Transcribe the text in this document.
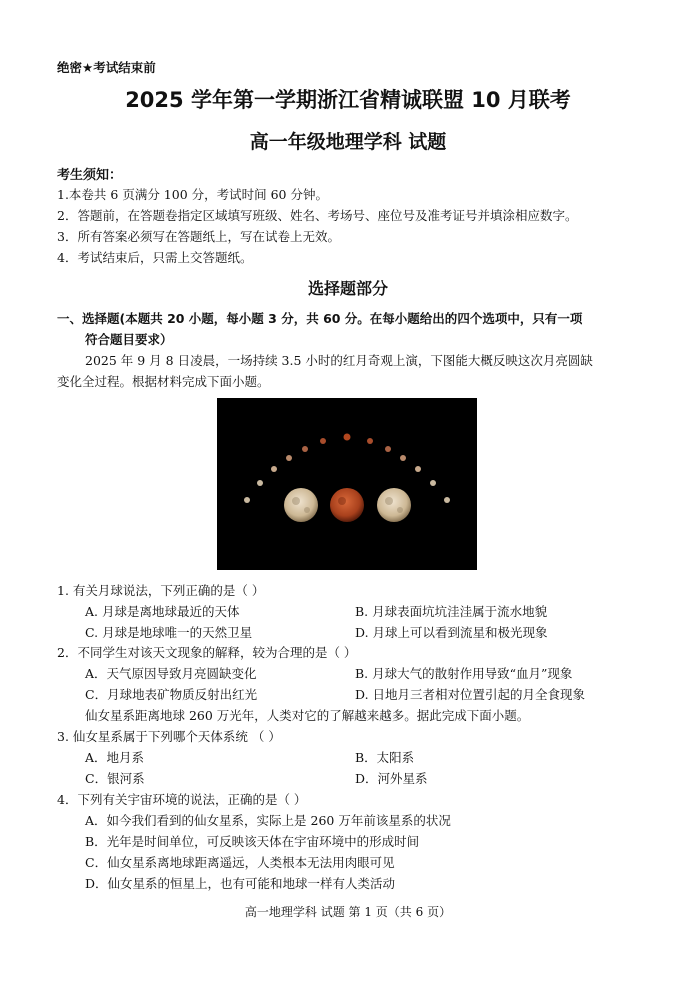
绝密★考试结束前
2025 学年第一学期浙江省精诚联盟 10 月联考
高一年级地理学科 试题
考生须知：
1.本卷共 6 页满分 100 分，考试时间 60 分钟。
2．答题前，在答题卷指定区域填写班级、姓名、考场号、座位号及准考证号并填涂相应数字。
3．所有答案必须写在答题纸上，写在试卷上无效。
4．考试结束后，只需上交答题纸。
选择题部分
一、选择题(本题共 20 小题，每小题 3 分，共 60 分。在每小题给出的四个选项中，只有一项
符合题目要求）
2025 年 9 月 8 日凌晨，一场持续 3.5 小时的红月奇观上演，下图能大概反映这次月亮圆缺
变化全过程。根据材料完成下面小题。
1. 有关月球说法，下列正确的是（ ）
A. 月球是离地球最近的天体	B. 月球表面坑坑洼洼属于流水地貌
C. 月球是地球唯一的天然卫星	D. 月球上可以看到流星和极光现象
2．不同学生对该天文现象的解释，较为合理的是（ ）
A．天气原因导致月亮圆缺变化	B. 月球大气的散射作用导致“血月”现象
C．月球地表矿物质反射出红光	D. 日地月三者相对位置引起的月全食现象
仙女星系距离地球 260 万光年，人类对它的了解越来越多。据此完成下面小题。
3. 仙女星系属于下列哪个天体系统 （ ）
A．地月系	B．太阳系
C．银河系	D．河外星系
4．下列有关宇宙环境的说法，正确的是（ ）
A．如今我们看到的仙女星系，实际上是 260 万年前该星系的状况
B．光年是时间单位，可反映该天体在宇宙环境中的形成时间
C．仙女星系离地球距离遥远，人类根本无法用肉眼可见
D．仙女星系的恒星上，也有可能和地球一样有人类活动
高一地理学科 试题 第 1 页（共 6 页）
